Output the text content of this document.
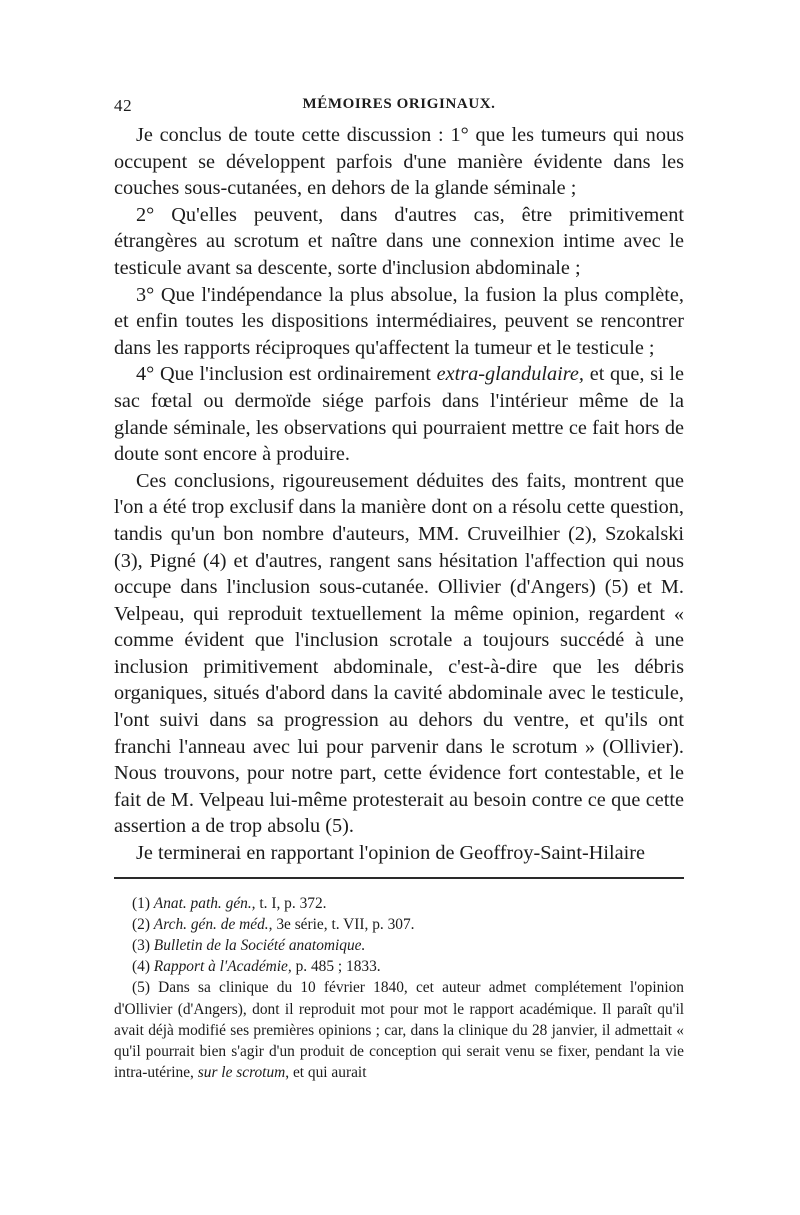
42	MÉMOIRES ORIGINAUX.

Je conclus de toute cette discussion : 1° que les tumeurs qui nous occupent se développent parfois d'une manière évidente dans les couches sous-cutanées, en dehors de la glande séminale ;

2° Qu'elles peuvent, dans d'autres cas, être primitivement étrangères au scrotum et naître dans une connexion intime avec le testicule avant sa descente, sorte d'inclusion abdominale ;

3° Que l'indépendance la plus absolue, la fusion la plus complète, et enfin toutes les dispositions intermédiaires, peuvent se rencontrer dans les rapports réciproques qu'affectent la tumeur et le testicule ;

4° Que l'inclusion est ordinairement extra-glandulaire, et que, si le sac fœtal ou dermoïde siége parfois dans l'intérieur même de la glande séminale, les observations qui pourraient mettre ce fait hors de doute sont encore à produire.

Ces conclusions, rigoureusement déduites des faits, montrent que l'on a été trop exclusif dans la manière dont on a résolu cette question, tandis qu'un bon nombre d'auteurs, MM. Cruveilhier (2), Szokalski (3), Pigné (4) et d'autres, rangent sans hésitation l'affection qui nous occupe dans l'inclusion sous-cutanée. Ollivier (d'Angers) (5) et M. Velpeau, qui reproduit textuellement la même opinion, regardent « comme évident que l'inclusion scrotale a toujours succédé à une inclusion primitivement abdominale, c'est-à-dire que les débris organiques, situés d'abord dans la cavité abdominale avec le testicule, l'ont suivi dans sa progression au dehors du ventre, et qu'ils ont franchi l'anneau avec lui pour parvenir dans le scrotum » (Ollivier). Nous trouvons, pour notre part, cette évidence fort contestable, et le fait de M. Velpeau lui-même protesterait au besoin contre ce que cette assertion a de trop absolu (5).

Je terminerai en rapportant l'opinion de Geoffroy-Saint-Hilaire

(1) Anat. path. gén., t. I, p. 372.

(2) Arch. gén. de méd., 3e série, t. VII, p. 307.

(3) Bulletin de la Société anatomique.

(4) Rapport à l'Académie, p. 485 ; 1833.

(5) Dans sa clinique du 10 février 1840, cet auteur admet complétement l'opinion d'Ollivier (d'Angers), dont il reproduit mot pour mot le rapport académique. Il paraît qu'il avait déjà modifié ses premières opinions ; car, dans la clinique du 28 janvier, il admettait « qu'il pourrait bien s'agir d'un produit de conception qui serait venu se fixer, pendant la vie intra-utérine, sur le scrotum, et qui aurait
